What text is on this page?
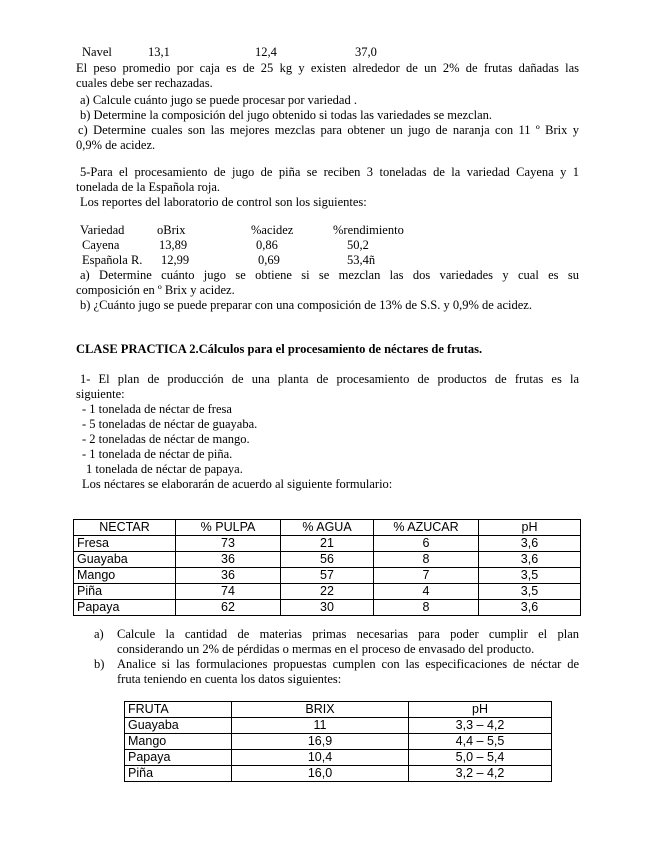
Navel	13,1	12,4	37,0
El peso promedio por caja es de 25 kg y existen alrededor de un 2% de frutas dañadas las
cuales debe ser rechazadas.
a) Calcule cuánto jugo se puede procesar por variedad .
b) Determine la composición del jugo obtenido si todas las variedades se mezclan.
c) Determine cuales son las mejores mezclas para obtener un jugo de naranja con 11 º Brix y
0,9% de acidez.
5-Para el procesamiento de jugo de piña se reciben 3 toneladas de la variedad Cayena y 1
tonelada de la Española roja.
Los reportes del laboratorio de control son los siguientes:
Variedad	oBrix	%acidez	%rendimiento
Cayena	13,89	0,86	50,2
Española R. 12,99	0,69	53,4ñ
a) Determine cuánto jugo se obtiene si se mezclan las dos variedades y cual es su
composición en º Brix y acidez.
b) ¿Cuánto jugo se puede preparar con una composición de 13% de S.S. y 0,9% de acidez.
CLASE PRACTICA 2.Cálculos para el procesamiento de néctares de frutas.
1- El plan de producción de una planta de procesamiento de productos de frutas es la
siguiente:
- 1 tonelada de néctar de fresa
- 5 toneladas de néctar de guayaba.
- 2 toneladas de néctar de mango.
- 1 tonelada de néctar de piña.
1 tonelada de néctar de papaya.
Los néctares se elaborarán de acuerdo al siguiente formulario:
NECTAR	% PULPA	% AGUA	% AZUCAR	pH
Fresa	73	21	6	3,6
Guayaba	36	56	8	3,6
Mango	36	57	7	3,5
Piña	74	22	4	3,5
Papaya	62	30	8	3,6
a) Calcule la cantidad de materias primas necesarias para poder cumplir el plan
considerando un 2% de pérdidas o mermas en el proceso de envasado del producto.
b) Analice si las formulaciones propuestas cumplen con las especificaciones de néctar de
fruta teniendo en cuenta los datos siguientes:
FRUTA	BRIX	pH
Guayaba	11	3,3 – 4,2
Mango	16,9	4,4 – 5,5
Papaya	10,4	5,0 – 5,4
Piña	16,0	3,2 – 4,2
